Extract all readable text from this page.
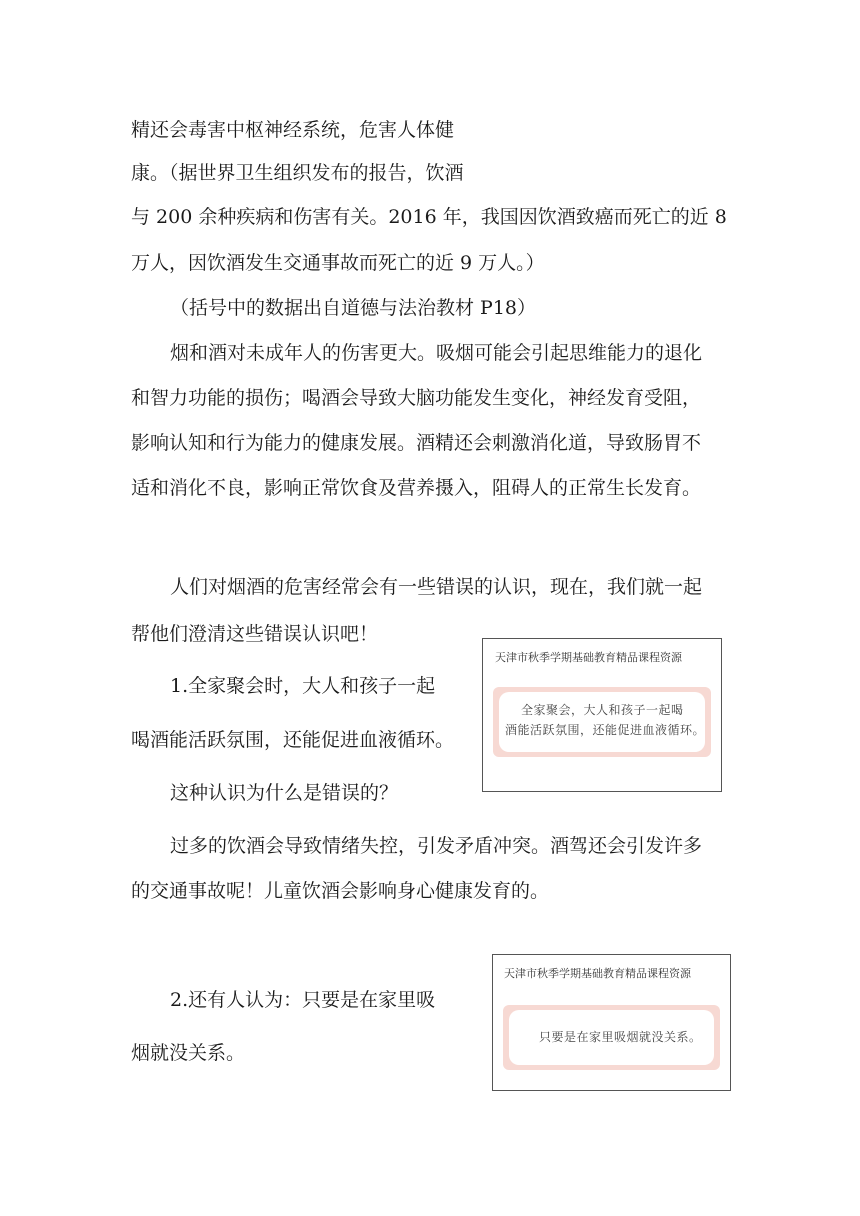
精还会毒害中枢神经系统，危害人体健
康。（据世界卫生组织发布的报告，饮酒
与 200 余种疾病和伤害有关。2016 年，我国因饮酒致癌而死亡的近 8
万人，因饮酒发生交通事故而死亡的近 9 万人。）
（括号中的数据出自道德与法治教材 P18）
烟和酒对未成年人的伤害更大。吸烟可能会引起思维能力的退化
和智力功能的损伤；喝酒会导致大脑功能发生变化，神经发育受阻，
影响认知和行为能力的健康发展。酒精还会刺激消化道，导致肠胃不
适和消化不良，影响正常饮食及营养摄入，阻碍人的正常生长发育。
人们对烟酒的危害经常会有一些错误的认识，现在，我们就一起
帮他们澄清这些错误认识吧！
1.全家聚会时，大人和孩子一起
喝酒能活跃氛围，还能促进血液循环。
这种认识为什么是错误的？
过多的饮酒会导致情绪失控，引发矛盾冲突。酒驾还会引发许多
的交通事故呢！儿童饮酒会影响身心健康发育的。
2.还有人认为：只要是在家里吸
烟就没关系。
天津市秋季学期基础教育精品课程资源
全家聚会，大人和孩子一起喝
酒能活跃氛围，还能促进血液循环。
天津市秋季学期基础教育精品课程资源
只要是在家里吸烟就没关系。
